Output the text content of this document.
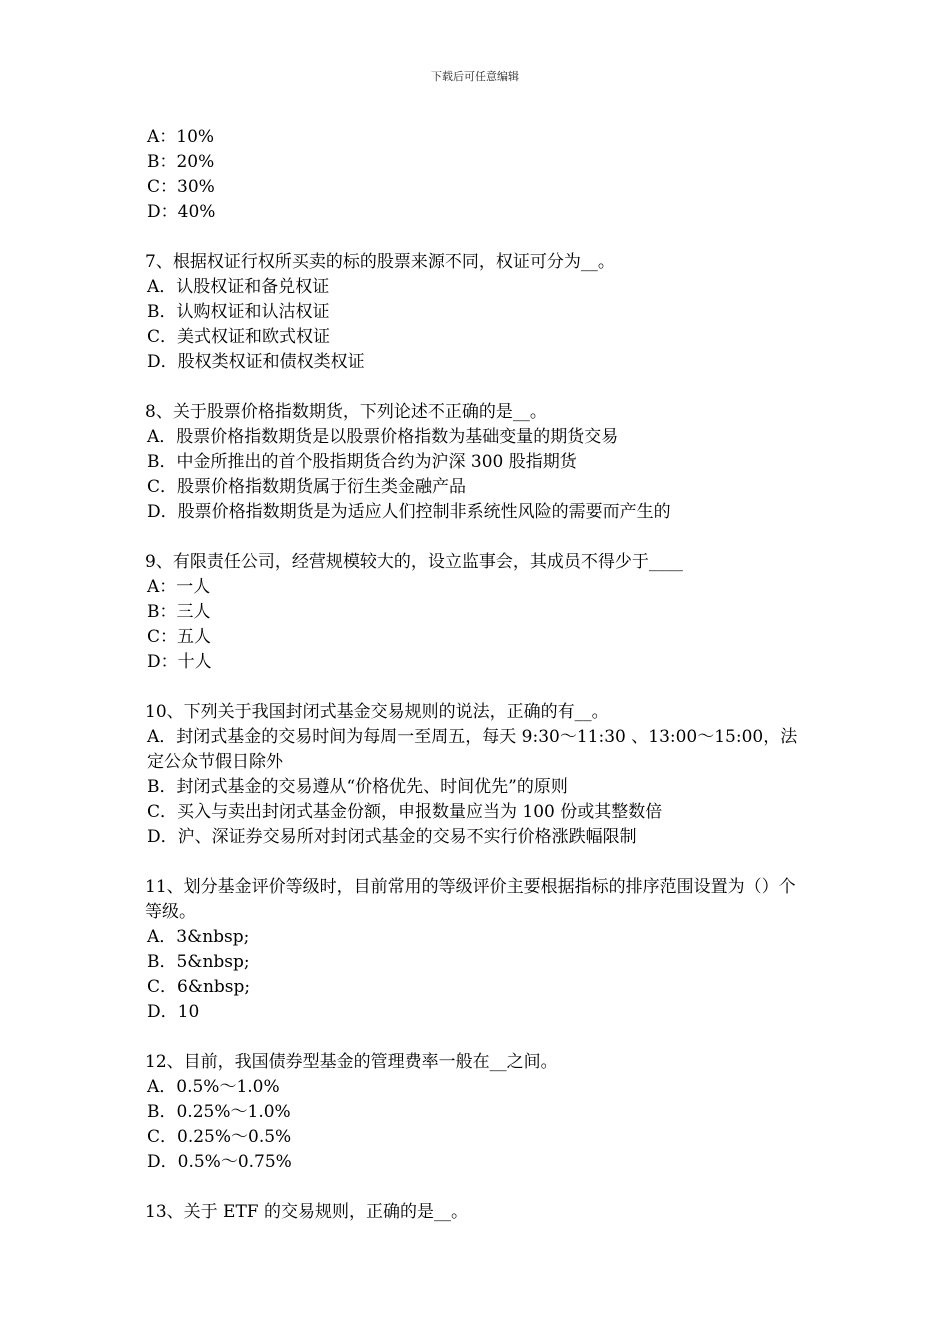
下载后可任意编辑
A：10%
B：20%
C：30%
D：40%
7、根据权证行权所买卖的标的股票来源不同，权证可分为__。
A．认股权证和备兑权证
B．认购权证和认沽权证
C．美式权证和欧式权证
D．股权类权证和债权类权证
8、关于股票价格指数期货，下列论述不正确的是__。
A．股票价格指数期货是以股票价格指数为基础变量的期货交易
B．中金所推出的首个股指期货合约为沪深 300 股指期货
C．股票价格指数期货属于衍生类金融产品
D．股票价格指数期货是为适应人们控制非系统性风险的需要而产生的
9、有限责任公司，经营规模较大的，设立监事会，其成员不得少于____
A：一人
B：三人
C：五人
D：十人
10、下列关于我国封闭式基金交易规则的说法，正确的有__。
A．封闭式基金的交易时间为每周一至周五，每天 9:30～11:30 、13:00～15:00，法定公众节假日除外
B．封闭式基金的交易遵从“价格优先、时间优先”的原则
C．买入与卖出封闭式基金份额，申报数量应当为 100 份或其整数倍
D．沪、深证券交易所对封闭式基金的交易不实行价格涨跌幅限制
11、划分基金评价等级时，目前常用的等级评价主要根据指标的排序范围设置为（）个等级。
A．3&nbsp;
B．5&nbsp;
C．6&nbsp;
D．10
12、目前，我国债券型基金的管理费率一般在__之间。
A．0.5%～1.0%
B．0.25%～1.0%
C．0.25%～0.5%
D．0.5%～0.75%
13、关于 ETF 的交易规则，正确的是__。
